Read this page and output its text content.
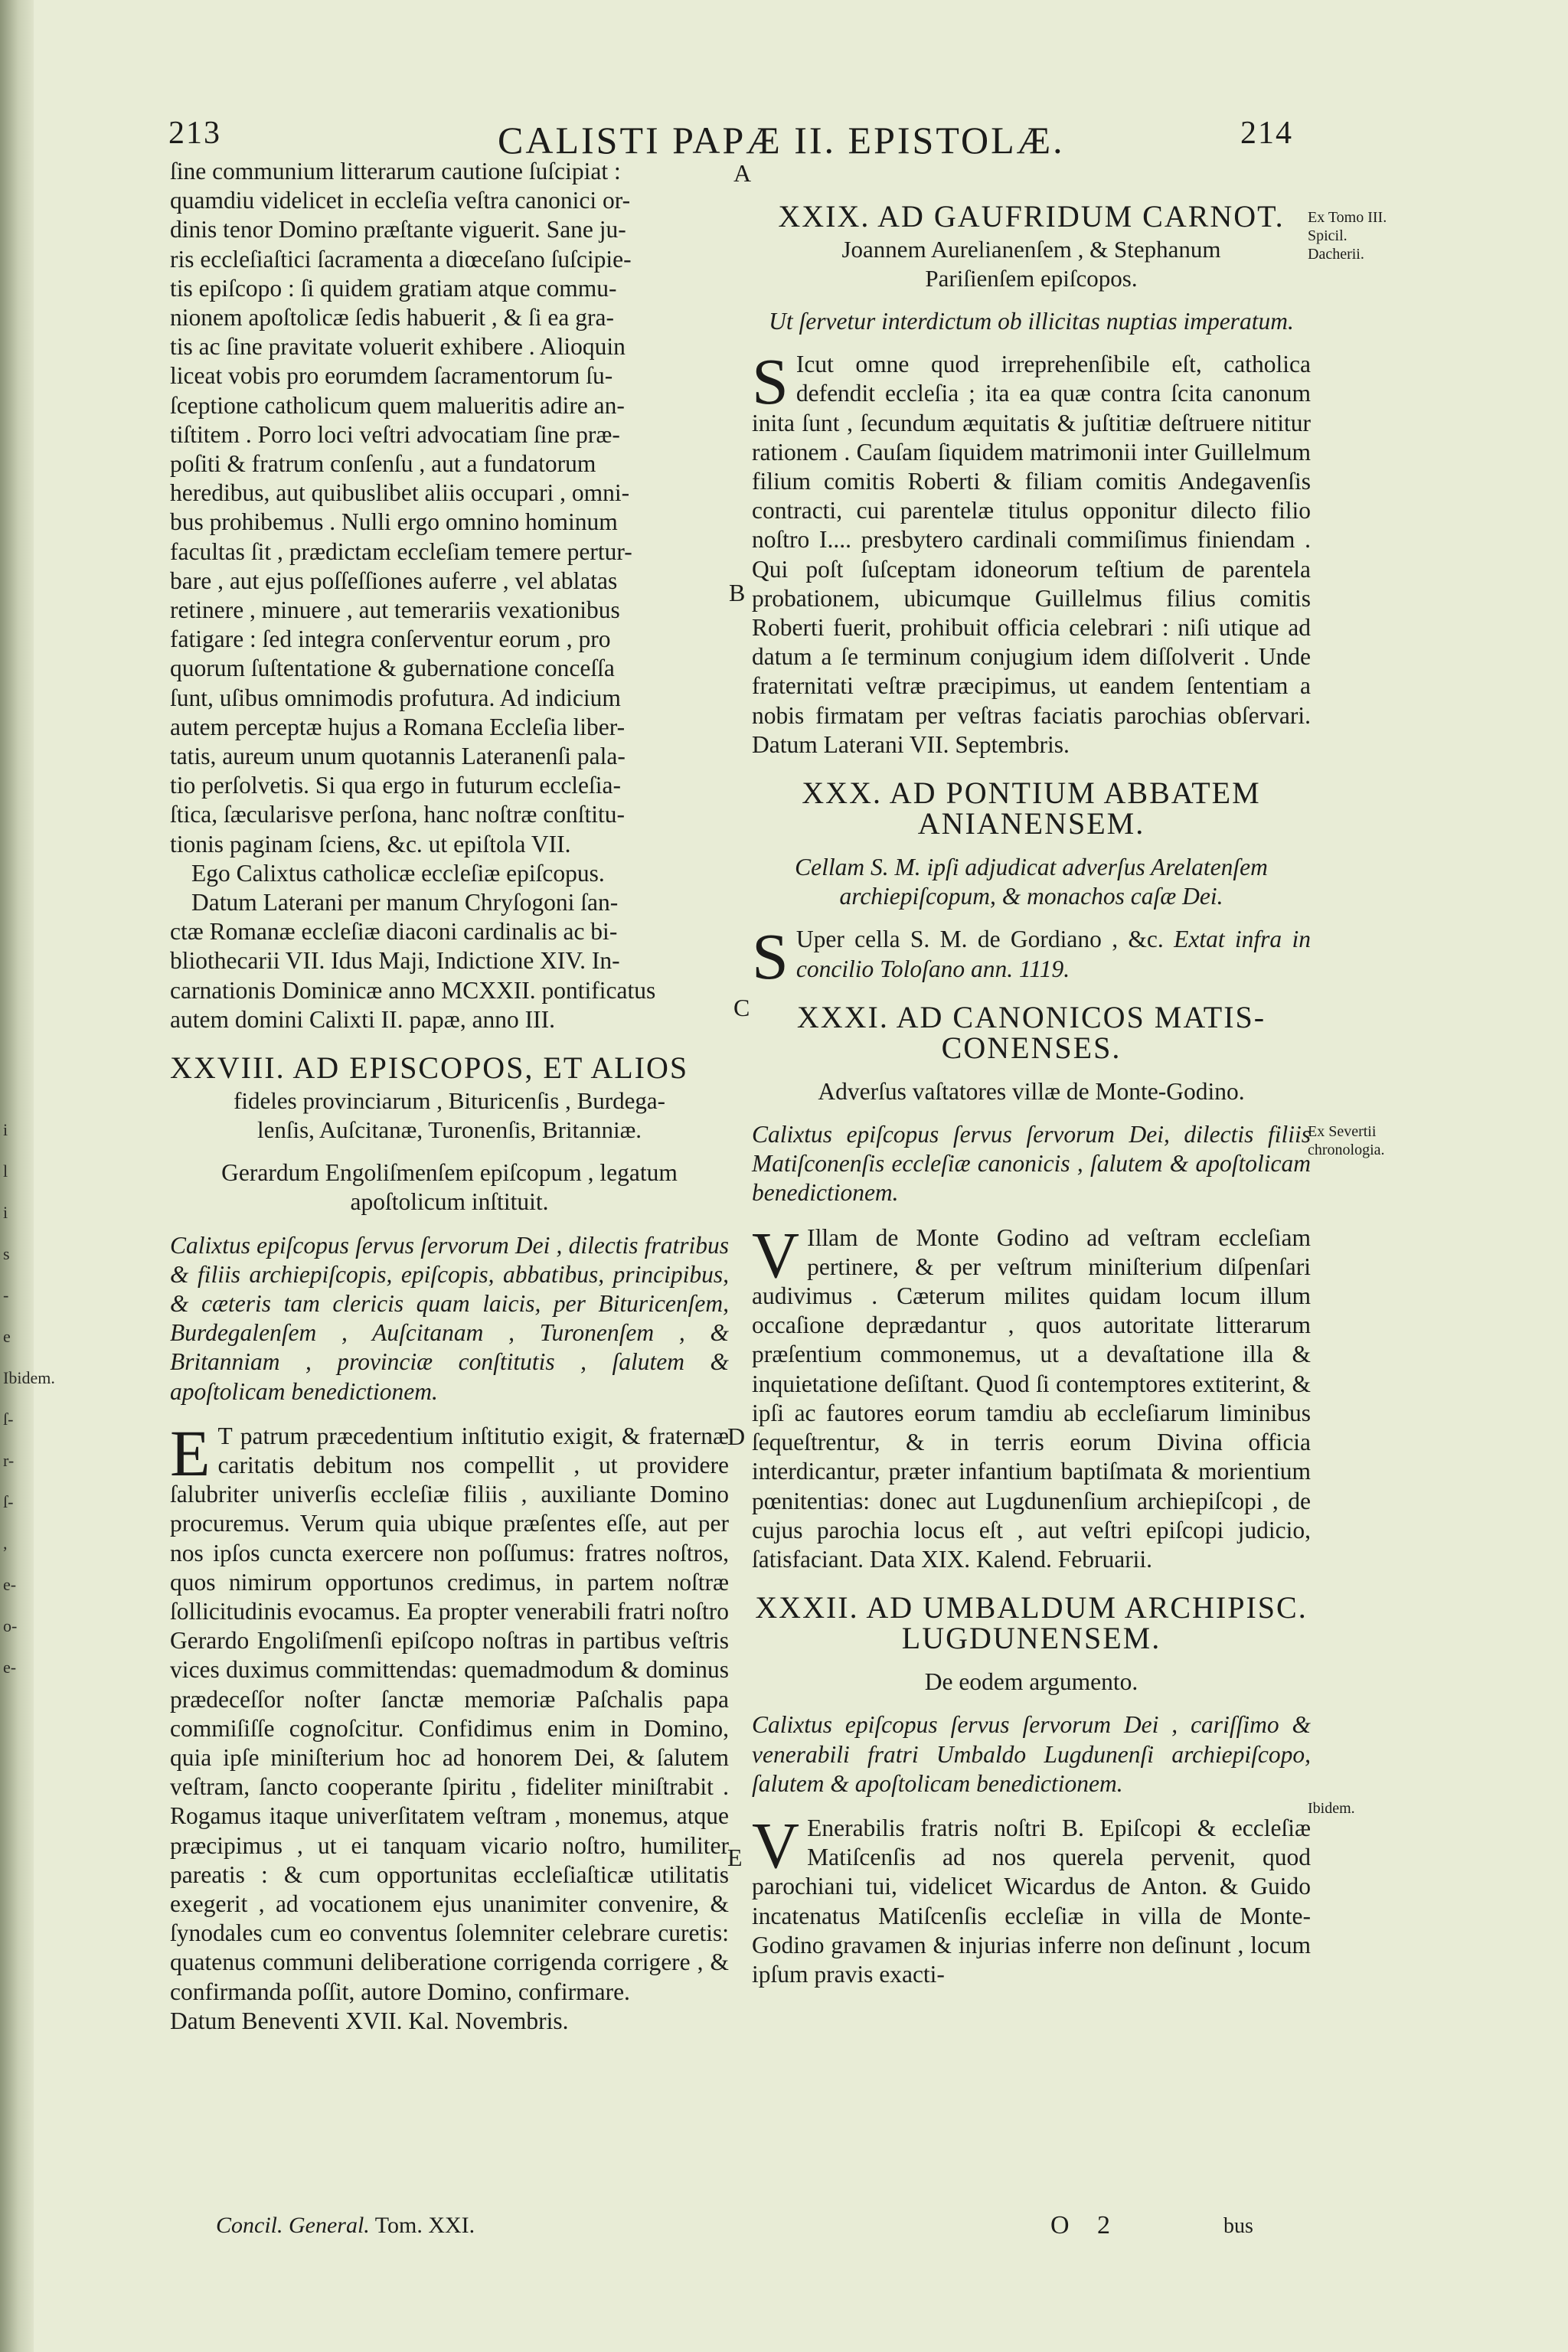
i
l
i
s
-
e
Ibidem.
ſ-
r-
ſ-
,
e-
o-
e-
213	CALISTI PAPÆ II. EPISTOLÆ.	214

ſine communium litterarum cautione ſuſcipiat :

quamdiu videlicet in eccleſia veſtra canonici or-

dinis tenor Domino præſtante viguerit. Sane ju-

ris eccleſiaſtici ſacramenta a diœceſano ſuſcipie-

tis epiſcopo : ſi quidem gratiam atque commu-

nionem apoſtolicæ ſedis habuerit , & ſi ea gra-

tis ac ſine pravitate voluerit exhibere . Alioquin

liceat vobis pro eorumdem ſacramentorum ſu-

ſceptione catholicum quem malueritis adire an-

tiſtitem . Porro loci veſtri advocatiam ſine præ-

poſiti & fratrum conſenſu , aut a fundatorum

heredibus, aut quibuslibet aliis occupari , omni-

bus prohibemus . Nulli ergo omnino hominum

facultas ſit , prædictam eccleſiam temere pertur-

bare , aut ejus poſſeſſiones auferre , vel ablatas

retinere , minuere , aut temerariis vexationibus

fatigare : ſed integra conſerventur eorum , pro

quorum ſuſtentatione & gubernatione conceſſa

ſunt, uſibus omnimodis profutura. Ad indicium

autem perceptæ hujus a Romana Eccleſia liber-

tatis, aureum unum quotannis Lateranenſi pala-

tio perſolvetis. Si qua ergo in futurum eccleſia-

ſtica, ſæcularisve perſona, hanc noſtræ conſtitu-

tionis paginam ſciens, &c. ut epiſtola VII.

Ego Calixtus catholicæ eccleſiæ epiſcopus.

Datum Laterani per manum Chryſogoni ſan-

ctæ Romanæ eccleſiæ diaconi cardinalis ac bi-

bliothecarii VII. Idus Maji, Indictione XIV. In-

carnationis Dominicæ anno MCXXII. pontificatus

autem domini Calixti II. papæ, anno III.

XXVIII. AD EPISCOPOS, ET ALIOS
fideles provinciarum , Bituricenſis , Burdega-
lenſis, Auſcitanæ, Turonenſis, Britanniæ.
Gerardum Engoliſmenſem epiſcopum , legatum
apoſtolicum inſtituit.
Calixtus epiſcopus ſervus ſervorum Dei , dilectis fratribus & filiis archiepiſcopis, epiſcopis, abbatibus, principibus, & cæteris tam clericis quam laicis, per Bituricenſem, Burdegalenſem , Auſcitanam , Turonenſem , & Britanniam , provinciæ conſtitutis , ſalutem & apoſtolicam benedictionem.
E T patrum præcedentium inſtitutio exigit, & fraternæ caritatis debitum nos compellit , ut providere ſalubriter univerſis eccleſiæ filiis , auxiliante Domino procuremus. Verum quia ubique præſentes eſſe, aut per nos ipſos cuncta exercere non poſſumus: fratres noſtros, quos nimirum opportunos credimus, in partem noſtræ ſollicitudinis evocamus. Ea propter venerabili fratri noſtro Gerardo Engoliſmenſi epiſcopo noſtras in partibus veſtris vices duximus committendas: quemadmodum & dominus prædeceſſor noſter ſanctæ memoriæ Paſchalis papa commiſiſſe cognoſcitur. Confidimus enim in Domino, quia ipſe miniſterium hoc ad honorem Dei, & ſalutem veſtram, ſancto cooperante ſpiritu , fideliter miniſtrabit . Rogamus itaque univerſitatem veſtram , monemus, atque præcipimus , ut ei tanquam vicario noſtro, humiliter pareatis : & cum opportunitas eccleſiaſticæ utilitatis exegerit , ad vocationem ejus unanimiter convenire, & ſynodales cum eo conventus ſolemniter celebrare curetis: quatenus communi deliberatione corrigenda corrigere , & confirmanda poſſit, autore Domino, confirmare.
Datum Beneventi XVII. Kal. Novembris.
XXIX. AD GAUFRIDUM CARNOT.
Joannem Aurelianenſem , & Stephanum
Pariſienſem epiſcopos.
Ut ſervetur interdictum ob illicitas nuptias imperatum.
S Icut omne quod irreprehenſibile eſt, catholica defendit eccleſia ; ita ea quæ contra ſcita canonum inita ſunt , ſecundum æquitatis & juſtitiæ deſtruere nititur rationem . Cauſam ſiquidem matrimonii inter Guillelmum filium comitis Roberti & filiam comitis Andegavenſis contracti, cui parentelæ titulus opponitur dilecto filio noſtro I.... presbytero cardinali commiſimus finiendam . Qui poſt ſuſceptam idoneorum teſtium de parentela probationem, ubicumque Guillelmus filius comitis Roberti fuerit, prohibuit officia celebrari : niſi utique ad datum a ſe terminum conjugium idem diſſolverit . Unde fraternitati veſtræ præcipimus, ut eandem ſententiam a nobis firmatam per veſtras faciatis parochias obſervari. Datum Laterani VII. Septembris.
XXX. AD PONTIUM ABBATEM
ANIANENSEM.
Cellam S. M. ipſi adjudicat adverſus Arelatenſem archiepiſcopum, & monachos caſæ Dei.
S Uper cella S. M. de Gordiano , &c. Extat infra in concilio Toloſano ann. 1119.
XXXI. AD CANONICOS MATIS-
CONENSES.
Adverſus vaſtatores villæ de Monte-Godino.
Calixtus epiſcopus ſervus ſervorum Dei, dilectis filiis Matiſconenſis eccleſiæ canonicis , ſalutem & apoſtolicam benedictionem.
V Illam de Monte Godino ad veſtram eccleſiam pertinere, & per veſtrum miniſterium diſpenſari audivimus . Cæterum milites quidam locum illum occaſione deprædantur , quos autoritate litterarum præſentium commonemus, ut a devaſtatione illa & inquietatione deſiſtant. Quod ſi contemptores extiterint, & ipſi ac fautores eorum tamdiu ab eccleſiarum liminibus ſequeſtrentur, & in terris eorum Divina officia interdicantur, præter infantium baptiſmata & morientium pœnitentias: donec aut Lugdunenſium archiepiſcopi , de cujus parochia locus eſt , aut veſtri epiſcopi judicio, ſatisfaciant. Data XIX. Kalend. Februarii.
XXXII. AD UMBALDUM ARCHIPISC.
LUGDUNENSEM.
De eodem argumento.
Calixtus epiſcopus ſervus ſervorum Dei , cariſſimo & venerabili fratri Umbaldo Lugdunenſi archiepiſcopo, ſalutem & apoſtolicam benedictionem.
V Enerabilis fratris noſtri B. Epiſcopi & eccleſiæ Matiſcenſis ad nos querela pervenit, quod parochiani tui, videlicet Wicardus de Anton. & Guido incatenatus Matiſcenſis eccleſiæ in villa de Monte-Godino gravamen & injurias inferre non deſinunt , locum ipſum pravis exacti-
A
B
C
D
E
Ex Tomo III. Spicil. Dacherii.
Ex Severtii chronologia.
Ibidem.
Concil. General. Tom. XXI.	O 2	bus
